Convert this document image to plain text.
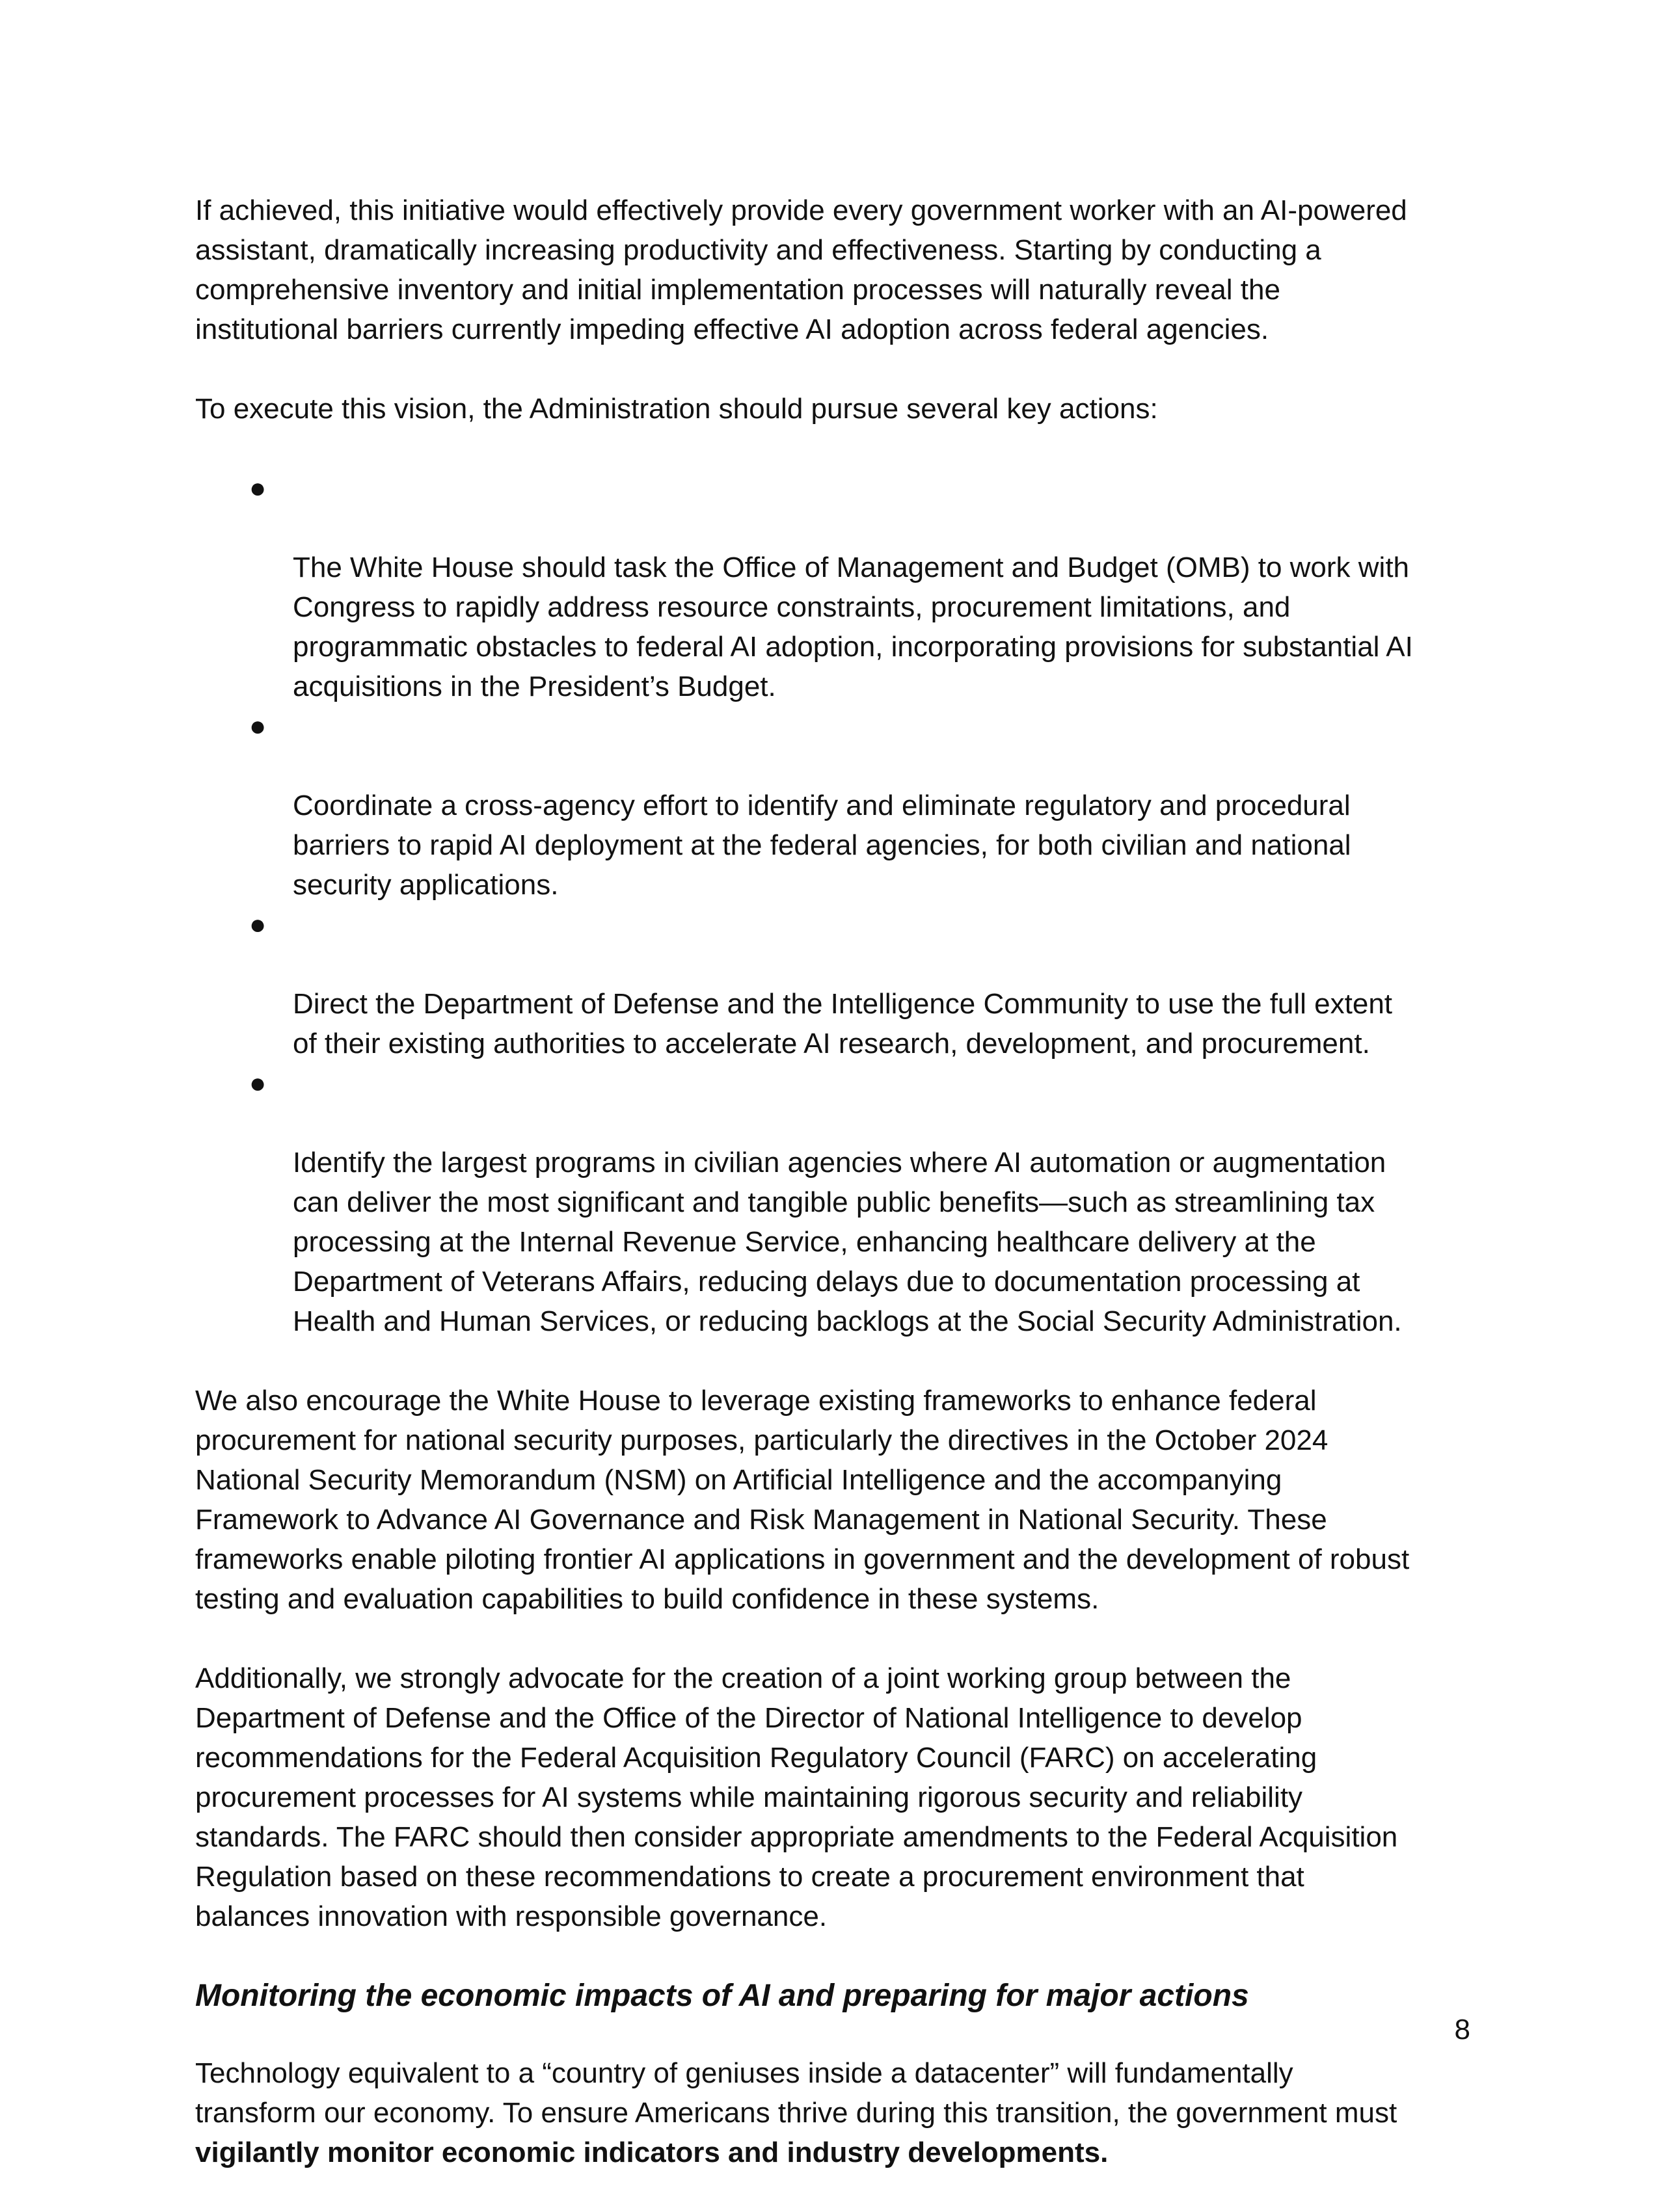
If achieved, this initiative would effectively provide every government worker with an AI-powered
assistant, dramatically increasing productivity and effectiveness. Starting by conducting a
comprehensive inventory and initial implementation processes will naturally reveal the
institutional barriers currently impeding effective AI adoption across federal agencies.

To execute this vision, the Administration should pursue several key actions:

●

The White House should task the Office of Management and Budget (OMB) to work with
Congress to rapidly address resource constraints, procurement limitations, and
programmatic obstacles to federal AI adoption, incorporating provisions for substantial AI
acquisitions in the President’s Budget.

●

Coordinate a cross-agency effort to identify and eliminate regulatory and procedural
barriers to rapid AI deployment at the federal agencies, for both civilian and national
security applications.

●

Direct the Department of Defense and the Intelligence Community to use the full extent
of their existing authorities to accelerate AI research, development, and procurement.

●

Identify the largest programs in civilian agencies where AI automation or augmentation
can deliver the most significant and tangible public benefits—such as streamlining tax
processing at the Internal Revenue Service, enhancing healthcare delivery at the
Department of Veterans Affairs, reducing delays due to documentation processing at
Health and Human Services, or reducing backlogs at the Social Security Administration.

We also encourage the White House to leverage existing frameworks to enhance federal
procurement for national security purposes, particularly the directives in the October 2024
National Security Memorandum (NSM) on Artificial Intelligence and the accompanying
Framework to Advance AI Governance and Risk Management in National Security. These
frameworks enable piloting frontier AI applications in government and the development of robust
testing and evaluation capabilities to build confidence in these systems.

Additionally, we strongly advocate for the creation of a joint working group between the
Department of Defense and the Office of the Director of National Intelligence to develop
recommendations for the Federal Acquisition Regulatory Council (FARC) on accelerating
procurement processes for AI systems while maintaining rigorous security and reliability
standards. The FARC should then consider appropriate amendments to the Federal Acquisition
Regulation based on these recommendations to create a procurement environment that
balances innovation with responsible governance.

Monitoring the economic impacts of AI and preparing for major actions

Technology equivalent to a “country of geniuses inside a datacenter” will fundamentally
transform our economy. To ensure Americans thrive during this transition, the government must
vigilantly monitor economic indicators and industry developments.

8
